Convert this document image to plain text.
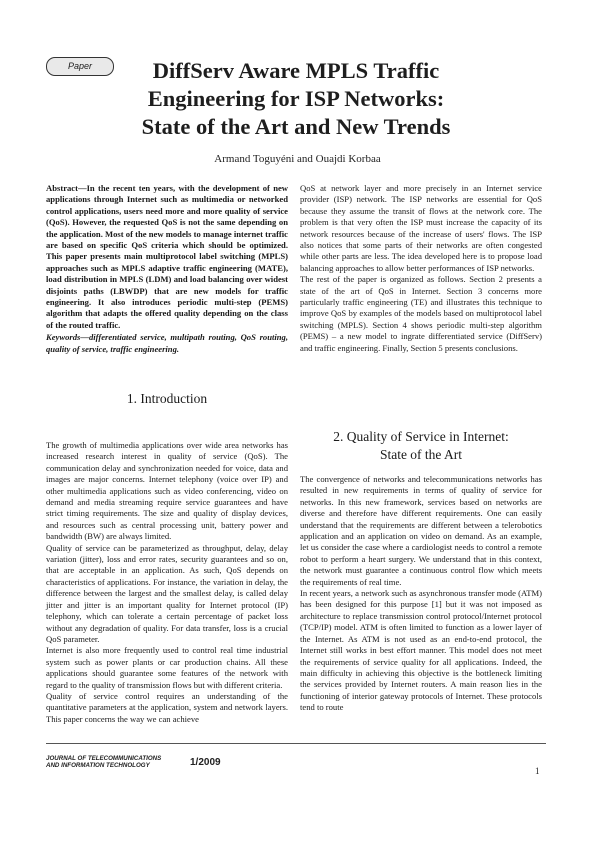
Paper	DiffServ Aware MPLS Traffic
Engineering for ISP Networks:
State of the Art and New Trends
Armand Toguyéni and Ouajdi Korbaa

Abstract—In the recent ten years, with the development of new applications through Internet such as multimedia or networked control applications, users need more and more quality of service (QoS). However, the requested QoS is not the same depending on the application. Most of the new models to manage internet traffic are based on specific QoS criteria which should be optimized. This paper presents main multiprotocol label switching (MPLS) approaches such as MPLS adaptive traffic engineering (MATE), load distribution in MPLS (LDM) and load balancing over widest disjoints paths (LBWDP) that are new models for traffic engineering. It also introduces periodic multi-step (PEMS) algorithm that adapts the offered quality depending on the class of the routed traffic.

Keywords—differentiated service, multipath routing, QoS routing, quality of service, traffic engineering.

1. Introduction

The growth of multimedia applications over wide area networks has increased research interest in quality of service (QoS). The communication delay and synchronization needed for voice, data and images are major concerns. Internet telephony (voice over IP) and other multimedia applications such as video conferencing, video on demand and media streaming require service guarantees and have strict timing requirements. The size and quality of display devices, and resources such as central processing unit, battery power and bandwidth (BW) are always limited.

Quality of service can be parameterized as throughput, delay, delay variation (jitter), loss and error rates, security guarantees and so on, that are acceptable in an application. As such, QoS depends on characteristics of applications. For instance, the variation in delay, the difference between the largest and the smallest delay, is called delay jitter and jitter is an important quality for Internet protocol (IP) telephony, which can tolerate a certain percentage of packet loss without any degradation of quality. For data transfer, loss is a crucial QoS parameter.

Internet is also more frequently used to control real time industrial system such as power plants or car production chains. All these applications should guarantee some features of the network with regard to the quality of transmission flows but with different criteria.

Quality of service control requires an understanding of the quantitative parameters at the application, system and network layers. This paper concerns the way we can achieve

QoS at network layer and more precisely in an Internet service provider (ISP) network. The ISP networks are essential for QoS because they assume the transit of flows at the network core. The problem is that very often the ISP must increase the capacity of its network resources because of the increase of users' flows. The ISP also notices that some parts of their networks are often congested while other parts are less. The idea developed here is to propose load balancing approaches to allow better performances of ISP networks.

The rest of the paper is organized as follows. Section 2 presents a state of the art of QoS in Internet. Section 3 concerns more particularly traffic engineering (TE) and illustrates this technique to improve QoS by examples of the models based on multiprotocol label switching (MPLS). Section 4 shows periodic multi-step algorithm (PEMS) – a new model to ingrate differentiated service (DiffServ) and traffic engineering. Finally, Section 5 presents conclusions.

2. Quality of Service in Internet:
State of the Art

The convergence of networks and telecommunications networks has resulted in new requirements in terms of quality of service for networks. In this new framework, services based on networks are diverse and therefore have different requirements. One can easily understand that the requirements are different between a telerobotics application and an application on video on demand. As an example, let us consider the case where a cardiologist needs to control a remote robot to perform a heart surgery. We understand that in this context, the network must guarantee a continuous control flow which meets the requirements of real time.

In recent years, a network such as asynchronous transfer mode (ATM) has been designed for this purpose [1] but it was not imposed as architecture to replace transmission control protocol/Internet protocol (TCP/IP) model. ATM is often limited to function as a lower layer of the Internet. As ATM is not used as an end-to-end protocol, the Internet still works in best effort manner. This model does not meet the requirements of service quality for all applications. Indeed, the main difficulty in achieving this objective is the bottleneck limiting the services provided by Internet routers. A main reason lies in the functioning of interior gateway protocols of Internet. These protocols tend to route

JOURNAL OF TELECOMMUNICATIONS
AND INFORMATION TECHNOLOGY	1/2009
1
